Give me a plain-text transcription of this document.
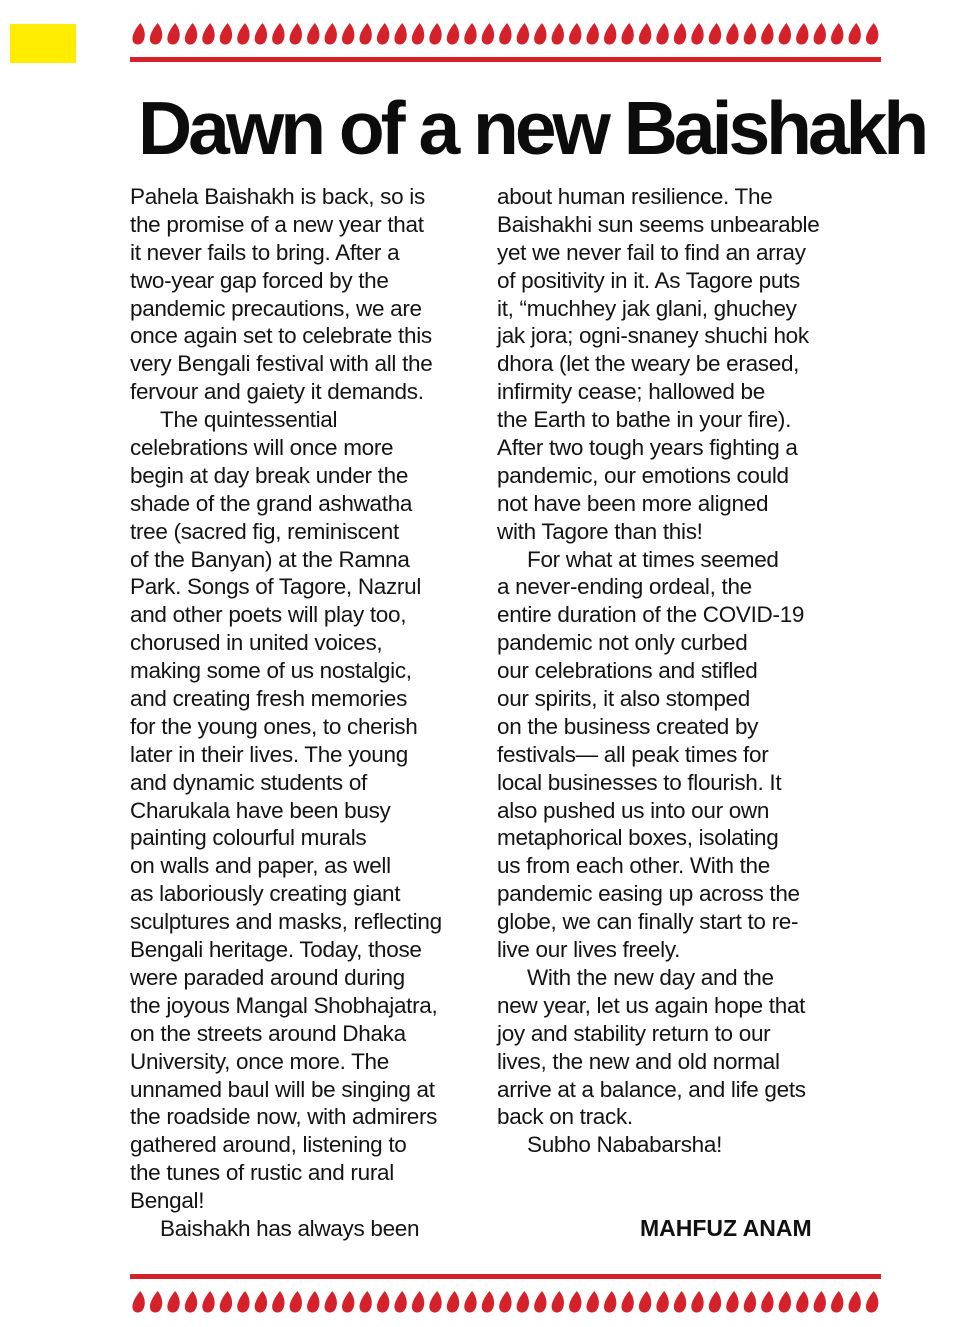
Dawn of a new Baishakh
Pahela Baishakh is back, so is
the promise of a new year that
it never fails to bring. After a
two-year gap forced by the
pandemic precautions, we are
once again set to celebrate this
very Bengali festival with all the
fervour and gaiety it demands.
The quintessential
celebrations will once more
begin at day break under the
shade of the grand ashwatha
tree (sacred fig, reminiscent
of the Banyan) at the Ramna
Park. Songs of Tagore, Nazrul
and other poets will play too,
chorused in united voices,
making some of us nostalgic,
and creating fresh memories
for the young ones, to cherish
later in their lives. The young
and dynamic students of
Charukala have been busy
painting colourful murals
on walls and paper, as well
as laboriously creating giant
sculptures and masks, reflecting
Bengali heritage. Today, those
were paraded around during
the joyous Mangal Shobhajatra,
on the streets around Dhaka
University, once more. The
unnamed baul will be singing at
the roadside now, with admirers
gathered around, listening to
the tunes of rustic and rural
Bengal!
Baishakh has always been
about human resilience. The
Baishakhi sun seems unbearable
yet we never fail to find an array
of positivity in it. As Tagore puts
it, “muchhey jak glani, ghuchey
jak jora; ogni-snaney shuchi hok
dhora (let the weary be erased,
infirmity cease; hallowed be
the Earth to bathe in your fire).
After two tough years fighting a
pandemic, our emotions could
not have been more aligned
with Tagore than this!
For what at times seemed
a never-ending ordeal, the
entire duration of the COVID-19
pandemic not only curbed
our celebrations and stifled
our spirits, it also stomped
on the business created by
festivals— all peak times for
local businesses to flourish. It
also pushed us into our own
metaphorical boxes, isolating
us from each other. With the
pandemic easing up across the
globe, we can finally start to re-
live our lives freely.
With the new day and the
new year, let us again hope that
joy and stability return to our
lives, the new and old normal
arrive at a balance, and life gets
back on track.
Subho Nababarsha!

MAHFUZ ANAM
